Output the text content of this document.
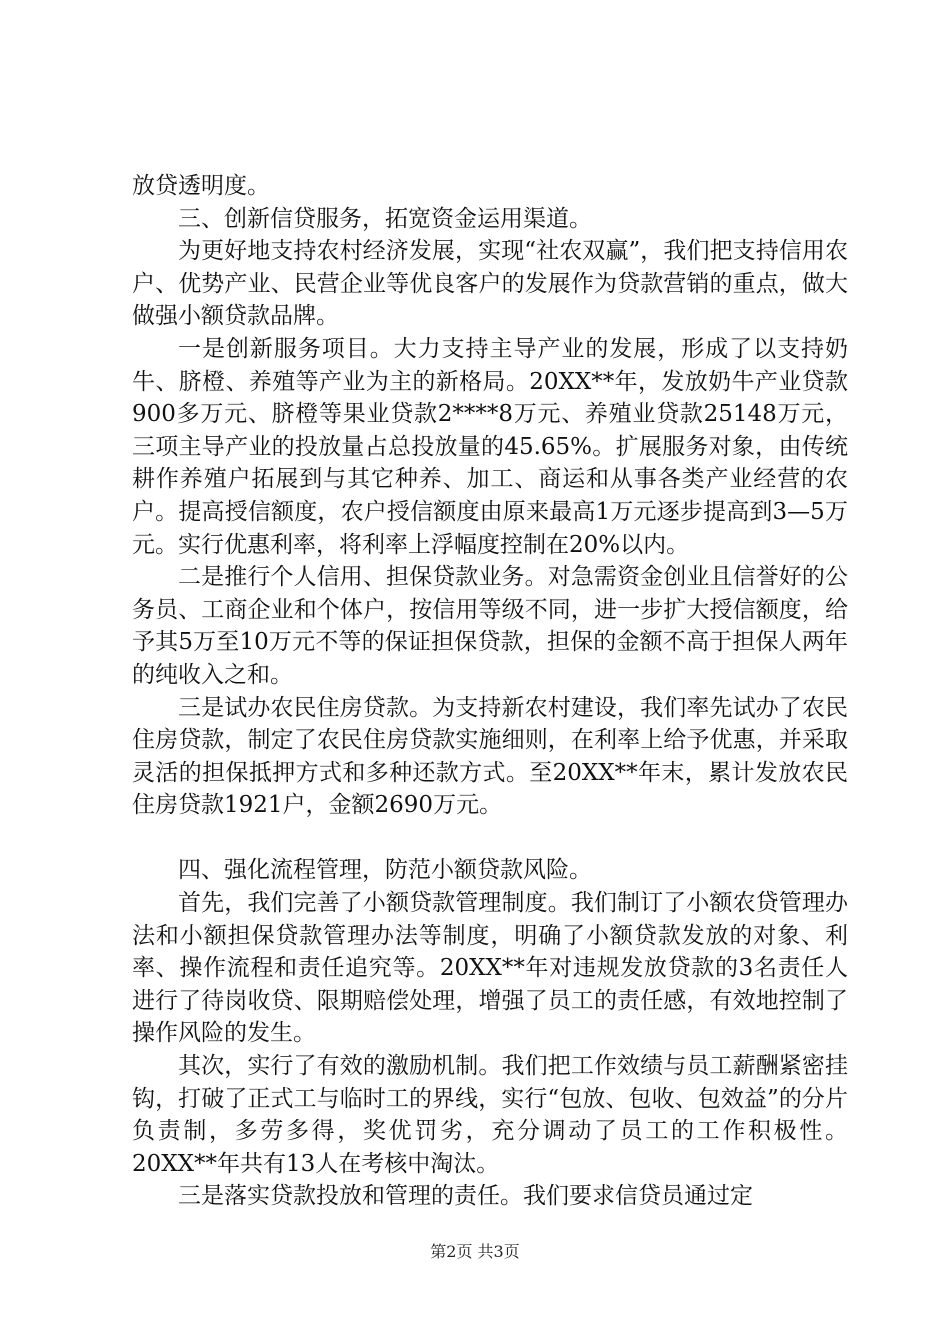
放贷透明度。

三、创新信贷服务，拓宽资金运用渠道。

为更好地支持农村经济发展，实现“社农双赢”，我们把支持信用农户、优势产业、民营企业等优良客户的发展作为贷款营销的重点，做大做强小额贷款品牌。

一是创新服务项目。大力支持主导产业的发展，形成了以支持奶牛、脐橙、养殖等产业为主的新格局。20XX**年，发放奶牛产业贷款900多万元、脐橙等果业贷款2****8万元、养殖业贷款25148万元，三项主导产业的投放量占总投放量的45.65%。扩展服务对象，由传统耕作养殖户拓展到与其它种养、加工、商运和从事各类产业经营的农户。提高授信额度，农户授信额度由原来最高1万元逐步提高到3—5万元。实行优惠利率，将利率上浮幅度控制在20%以内。

二是推行个人信用、担保贷款业务。对急需资金创业且信誉好的公务员、工商企业和个体户，按信用等级不同，进一步扩大授信额度，给予其5万至10万元不等的保证担保贷款，担保的金额不高于担保人两年的纯收入之和。

三是试办农民住房贷款。为支持新农村建设，我们率先试办了农民住房贷款，制定了农民住房贷款实施细则，在利率上给予优惠，并采取灵活的担保抵押方式和多种还款方式。至20XX**年末，累计发放农民住房贷款1921户，金额2690万元。

四、强化流程管理，防范小额贷款风险。

首先，我们完善了小额贷款管理制度。我们制订了小额农贷管理办法和小额担保贷款管理办法等制度，明确了小额贷款发放的对象、利率、操作流程和责任追究等。20XX**年对违规发放贷款的3名责任人进行了待岗收贷、限期赔偿处理，增强了员工的责任感，有效地控制了操作风险的发生。

其次，实行了有效的激励机制。我们把工作效绩与员工薪酬紧密挂钩，打破了正式工与临时工的界线，实行“包放、包收、包效益”的分片负责制，多劳多得，奖优罚劣，充分调动了员工的工作积极性。20XX**年共有13人在考核中淘汰。

三是落实贷款投放和管理的责任。我们要求信贷员通过定

第2页 共3页
